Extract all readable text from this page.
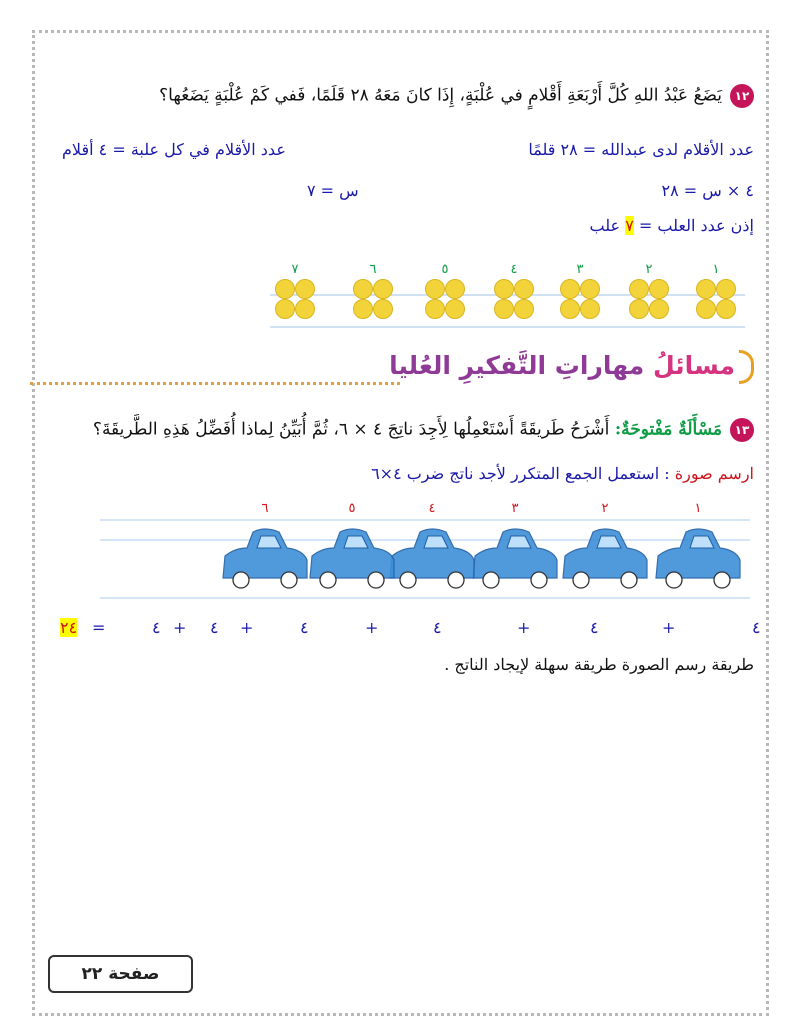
١٢يَضَعُ عَبْدُ اللهِ كُلَّ أَرْبَعَةِ أَقْلامٍ في عُلْبَةٍ، إِذَا كانَ مَعَهُ ٢٨ قَلَمًا، فَفي كَمْ عُلْبَةٍ يَضَعُها؟
عدد الأقلام لدى عبدالله = ٢٨ قلمًا
عدد الأقلام في كل علبة = ٤ أقلام
٤ × س = ٢٨
س = ٧
إذن عدد العلب = ٧ علب
١
٢
٣
٤
٥
٦
٧
مسائلُ مهاراتِ التَّفكيرِ العُليا
١٣مَسْأَلَةٌ مَفْتوحَةٌ: أَشْرَحُ طَريقَةً أَسْتَعْمِلُها لِأَجِدَ ناتِجَ ٤ × ٦، ثُمَّ أُبَيِّنُ لِماذا أُفَضِّلُ هَذِهِ الطَّريقَةَ؟
ارسم صورة : استعمل الجمع المتكرر لأجد ناتج ضرب ٤×٦
١
٢
٣
٤
٥
٦
٢٤ =	٤
+
٤
+
٤
+
٤
+
٤
+
٤
طريقة رسم الصورة طريقة سهلة لإيجاد الناتج .
صفحة ٢٢
